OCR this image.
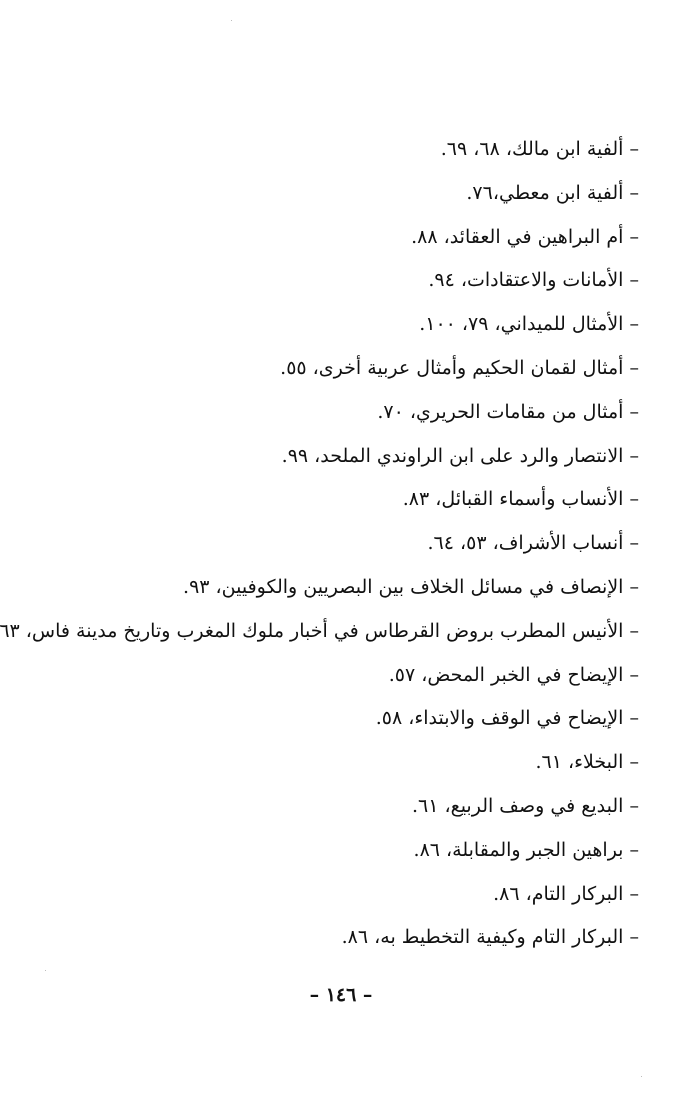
– ألفية ابن مالك، ٦٨، ٦٩.
– ألفية ابن معطي،٧٦.
– أم البراهين في العقائد، ٨٨.
– الأمانات والاعتقادات، ٩٤.
– الأمثال للميداني، ٧٩، ١٠٠.
– أمثال لقمان الحكيم وأمثال عربية أخرى، ٥٥.
– أمثال من مقامات الحريري، ٧٠.
– الانتصار والرد على ابن الراوندي الملحد، ٩٩.
– الأنساب وأسماء القبائل، ٨٣.
– أنساب الأشراف، ٥٣، ٦٤.
– الإنصاف في مسائل الخلاف بين البصريين والكوفيين، ٩٣.
– الأنيس المطرب بروض القرطاس في أخبار ملوك المغرب وتاريخ مدينة فاس، ٦٣
– الإيضاح في الخبر المحض، ٥٧.
– الإيضاح في الوقف والابتداء، ٥٨.
– البخلاء، ٦١.
– البديع في وصف الربيع، ٦١.
– براهين الجبر والمقابلة، ٨٦.
– البركار التام، ٨٦.
– البركار التام وكيفية التخطيط به، ٨٦.
– ١٤٦ –
